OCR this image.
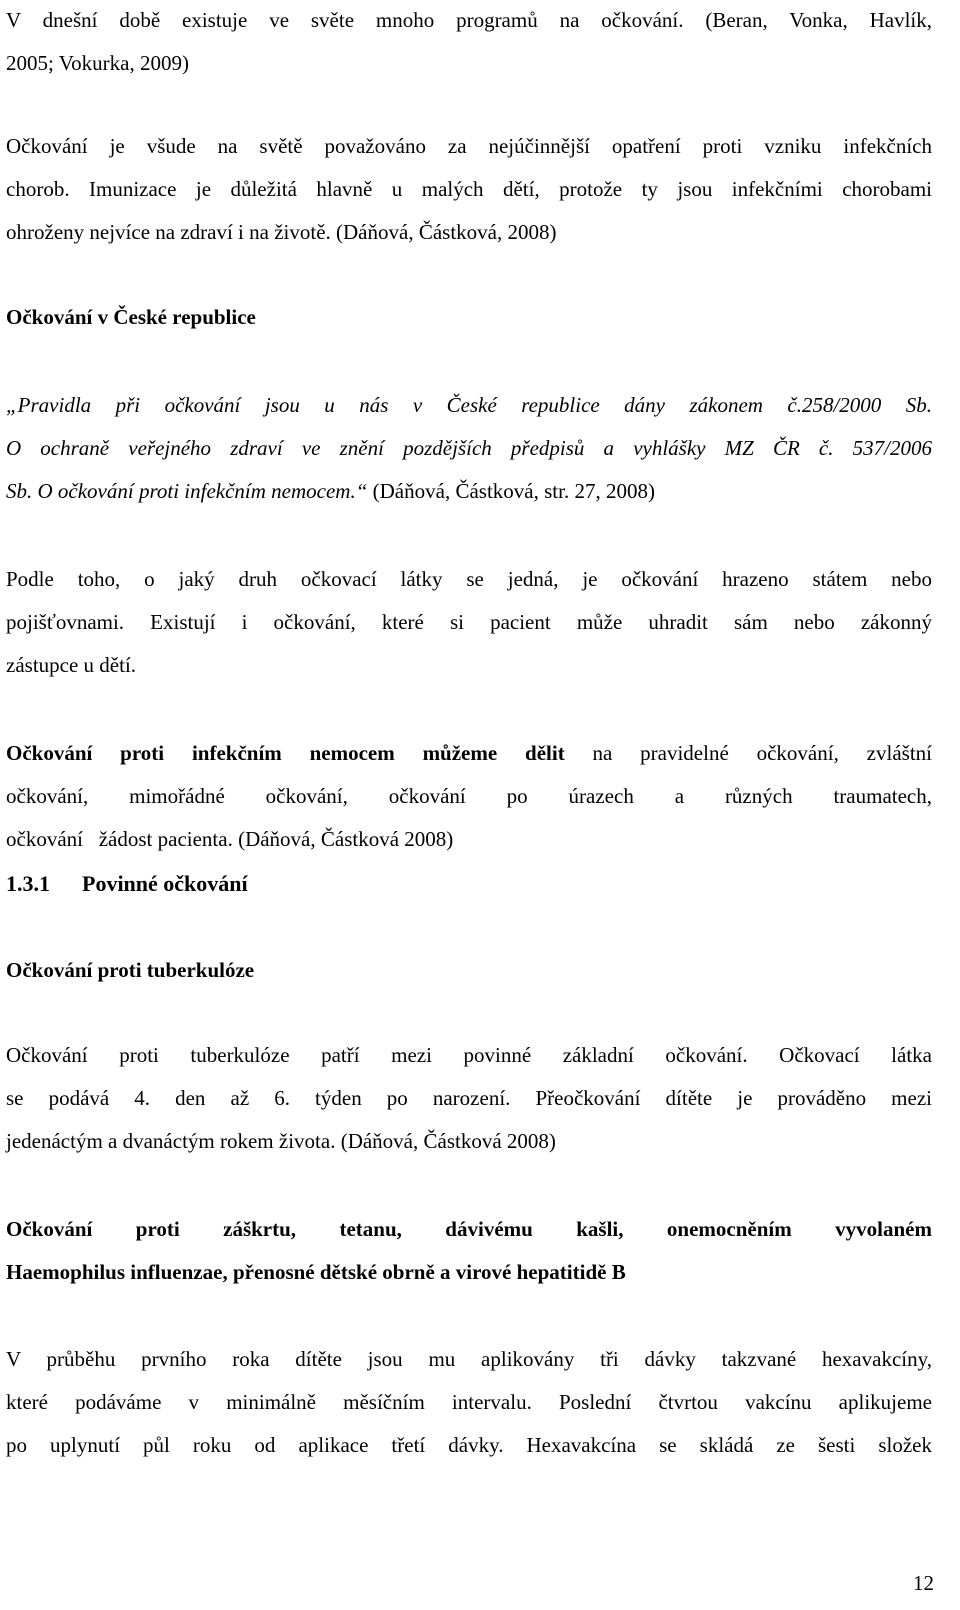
V dnešní době existuje ve světe mnoho programů na očkování. (Beran, Vonka, Havlík,
2005; Vokurka, 2009)

Očkování je všude na světě považováno za nejúčinnější opatření proti vzniku infekčních
chorob. Imunizace je důležitá hlavně u malých dětí, protože ty jsou infekčními chorobami
ohroženy nejvíce na zdraví i na životě. (Dáňová, Částková, 2008)

Očkování v České republice

„Pravidla při očkování jsou u nás v České republice dány zákonem č.258/2000 Sb.
O ochraně veřejného zdraví ve znění pozdějších předpisů a vyhlášky MZ ČR č. 537/2006
Sb. O očkování proti infekčním nemocem.“ (Dáňová, Částková, str. 27, 2008)

Podle toho, o jaký druh očkovací látky se jedná, je očkování hrazeno státem nebo
pojišťovnami. Existují i očkování, které si pacient může uhradit sám nebo zákonný
zástupce u dětí.

Očkování proti infekčním nemocem můžeme dělit na pravidelné očkování, zvláštní
očkování, mimořádné očkování, očkování po úrazech a různých traumatech,
očkování   žádost pacienta. (Dáňová, Částková 2008)

1.3.1 Povinné očkování

Očkování proti tuberkulóze

Očkování proti tuberkulóze patří mezi povinné základní očkování. Očkovací látka
se podává 4. den až 6. týden po narození. Přeočkování dítěte je prováděno mezi
jedenáctým a dvanáctým rokem života. (Dáňová, Částková 2008)

Očkování proti záškrtu, tetanu, dávivému kašli, onemocněním vyvolaném
Haemophilus influenzae, přenosné dětské obrně a virové hepatitidě B

V průběhu prvního roka dítěte jsou mu aplikovány tři dávky takzvané hexavakcíny,
které podáváme v minimálně měsíčním intervalu. Poslední čtvrtou vakcínu aplikujeme
po uplynutí půl roku od aplikace třetí dávky. Hexavakcína se skládá ze šesti složek

12
